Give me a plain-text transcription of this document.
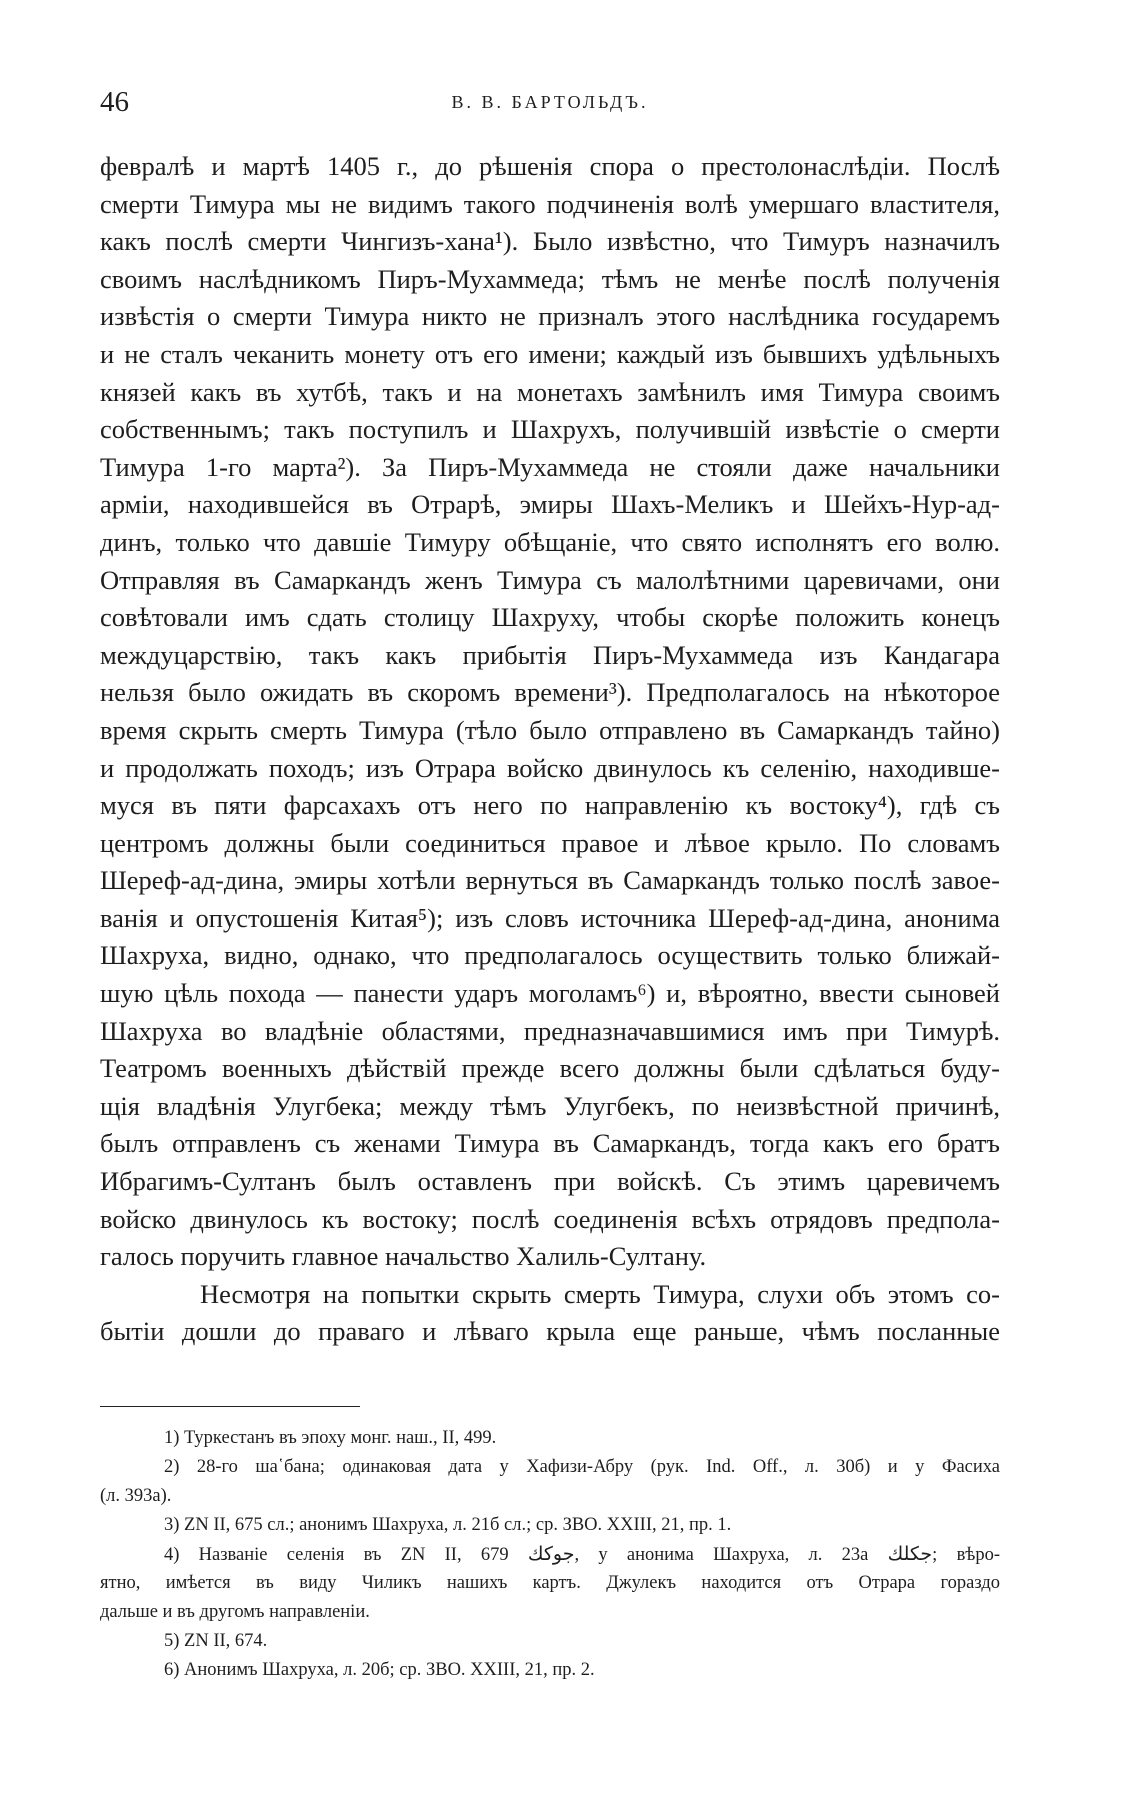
46	В. В. БАРТОЛЬДЪ.
февралѣ и мартѣ 1405 г., до рѣшенія спора о престолонаслѣдіи. Послѣ
смерти Тимура мы не видимъ такого подчиненія волѣ умершаго властителя,
какъ послѣ смерти Чингизъ-хана¹). Было извѣстно, что Тимуръ назначилъ
своимъ наслѣдникомъ Пиръ-Мухаммеда; тѣмъ не менѣе послѣ полученія
извѣстія о смерти Тимура никто не призналъ этого наслѣдника государемъ
и не сталъ чеканить монету отъ его имени; каждый изъ бывшихъ удѣльныхъ
князей какъ въ хутбѣ, такъ и на монетахъ замѣнилъ имя Тимура своимъ
собственнымъ; такъ поступилъ и Шахрухъ, получившій извѣстіе о смерти
Тимура 1-го марта²). За Пиръ-Мухаммеда не стояли даже начальники
арміи, находившейся въ Отрарѣ, эмиры Шахъ-Меликъ и Шейхъ-Нур-ад-
динъ, только что давшіе Тимуру обѣщаніе, что свято исполнятъ его волю.
Отправляя въ Самаркандъ женъ Тимура съ малолѣтними царевичами, они
совѣтовали имъ сдать столицу Шахруху, чтобы скорѣе положить конецъ
междуцарствію, такъ какъ прибытія Пиръ-Мухаммеда изъ Кандагара
нельзя было ожидать въ скоромъ времени³). Предполагалось на нѣкоторое
время скрыть смерть Тимура (тѣло было отправлено въ Самаркандъ тайно)
и продолжать походъ; изъ Отрара войско двинулось къ селенію, находивше-
муся въ пяти фарсахахъ отъ него по направленію къ востоку⁴), гдѣ съ
центромъ должны были соединиться правое и лѣвое крыло. По словамъ
Шереф-ад-дина, эмиры хотѣли вернуться въ Самаркандъ только послѣ завое-
ванія и опустошенія Китая⁵); изъ словъ источника Шереф-ад-дина, анонима
Шахруха, видно, однако, что предполагалось осуществить только ближай-
шую цѣль похода — панести ударъ моголамъ⁶) и, вѣроятно, ввести сыновей
Шахруха во владѣніе областями, предназначавшимися имъ при Тимурѣ.
Театромъ военныхъ дѣйствій прежде всего должны были сдѣлаться буду-
щія владѣнія Улугбека; между тѣмъ Улугбекъ, по неизвѣстной причинѣ,
былъ отправленъ съ женами Тимура въ Самаркандъ, тогда какъ его братъ
Ибрагимъ-Султанъ былъ оставленъ при войскѣ. Съ этимъ царевичемъ
войско двинулось къ востоку; послѣ соединенія всѣхъ отрядовъ предпола-
галось поручить главное начальство Халиль-Султану.
Несмотря на попытки скрыть смерть Тимура, слухи объ этомъ со-
бытіи дошли до праваго и лѣваго крыла еще раньше, чѣмъ посланные
1) Туркестанъ въ эпоху монг. наш., II, 499.
2) 28-го ша῾бана; одинаковая дата у Хафизи-Абру (рук. Ind. Off., л. 30б) и у Фасиха
(л. 393а).
3) ZN II, 675 сл.; анонимъ Шахруха, л. 21б сл.; ср. ЗВО. XXIII, 21, пр. 1.
4) Названіе селенія въ ZN II, 679 جوکك, у анонима Шахруха, л. 23а جكلك; вѣро-
ятно, имѣется въ виду Чиликъ нашихъ картъ. Джулекъ находится отъ Отрара гораздо
дальше и въ другомъ направленіи.
5) ZN II, 674.
6) Анонимъ Шахруха, л. 20б; ср. ЗВО. XXIII, 21, пр. 2.
